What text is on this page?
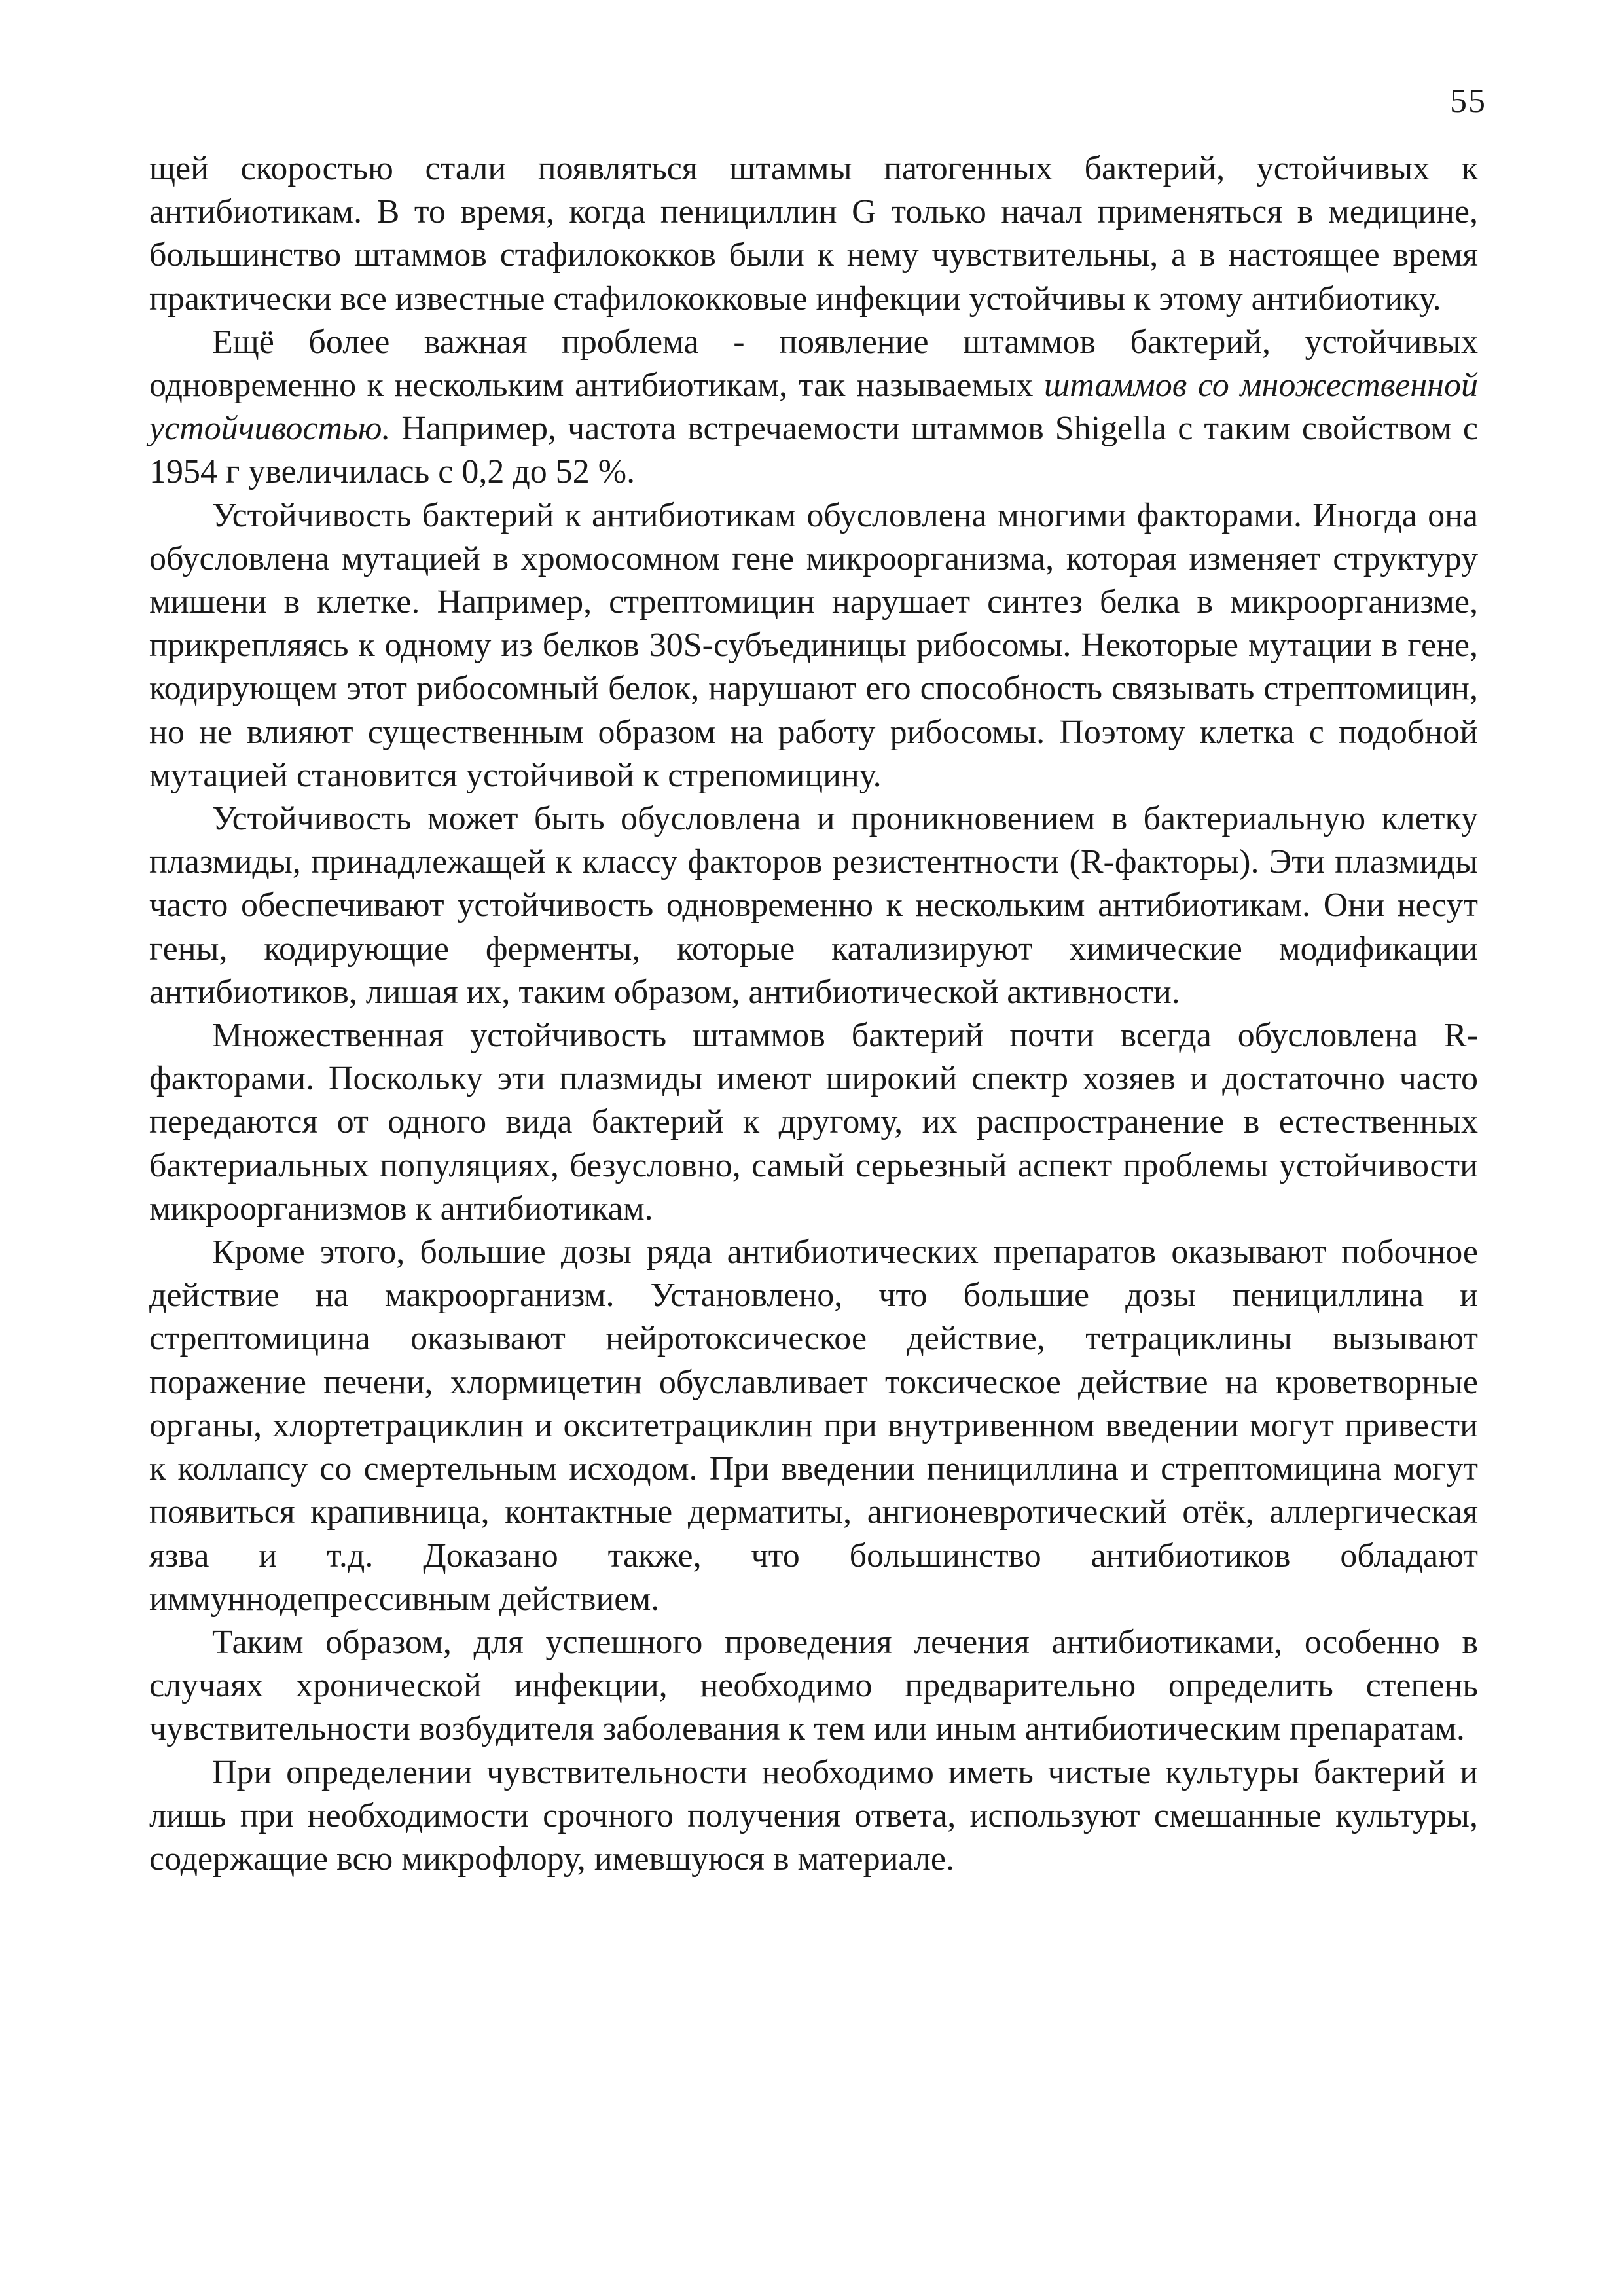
55

щей скоростью стали появляться штаммы патогенных бактерий, устойчивых к антибиотикам. В то время, когда пенициллин G только начал применяться в медицине, большинство штаммов стафилококков были к нему чувствительны, а в настоящее время практически все известные стафилококковые инфекции устойчивы к этому антибиотику.

Ещё более важная проблема - появление штаммов бактерий, устойчивых одновременно к нескольким антибиотикам, так называемых штаммов со множественной устойчивостью. Например, частота встречаемости штаммов Shigella с таким свойством с 1954 г увеличилась с 0,2 до 52 %.

Устойчивость бактерий к антибиотикам обусловлена многими факторами. Иногда она обусловлена мутацией в хромосомном гене микроорганизма, которая изменяет структуру мишени в клетке. Например, стрептомицин нарушает синтез белка в микроорганизме, прикрепляясь к одному из белков 30S-субъединицы рибосомы. Некоторые мутации в гене, кодирующем этот рибосомный белок, нарушают его способность связывать стрептомицин, но не влияют существенным образом на работу рибосомы. Поэтому клетка с подобной мутацией становится устойчивой к стрепомицину.

Устойчивость может быть обусловлена и проникновением в бактериальную клетку плазмиды, принадлежащей к классу факторов резистентности (R-факторы). Эти плазмиды часто обеспечивают устойчивость одновременно к нескольким антибиотикам. Они несут гены, кодирующие ферменты, которые катализируют химические модификации антибиотиков, лишая их, таким образом, антибиотической активности.

Множественная устойчивость штаммов бактерий почти всегда обусловлена R-факторами. Поскольку эти плазмиды имеют широкий спектр хозяев и достаточно часто передаются от одного вида бактерий к другому, их распространение в естественных бактериальных популяциях, безусловно, самый серьезный аспект проблемы устойчивости микроорганизмов к антибиотикам.

Кроме этого, большие дозы ряда антибиотических препаратов оказывают побочное действие на макроорганизм. Установлено, что большие дозы пенициллина и стрептомицина оказывают нейротоксическое действие, тетрациклины вызывают поражение печени, хлормицетин обуславливает токсическое действие на кроветворные органы, хлортетрациклин и окситетрациклин при внутривенном введении могут привести к коллапсу со смертельным исходом. При введении пенициллина и стрептомицина могут появиться крапивница, контактные дерматиты, ангионевротический отёк, аллергическая язва и т.д. Доказано также, что большинство антибиотиков обладают иммуннодепрессивным действием.

Таким образом, для успешного проведения лечения антибиотиками, особенно в случаях хронической инфекции, необходимо предварительно определить степень чувствительности возбудителя заболевания к тем или иным антибиотическим препаратам.

При определении чувствительности необходимо иметь чистые культуры бактерий и лишь при необходимости срочного получения ответа, используют смешанные культуры, содержащие всю микрофлору, имевшуюся в материале.
